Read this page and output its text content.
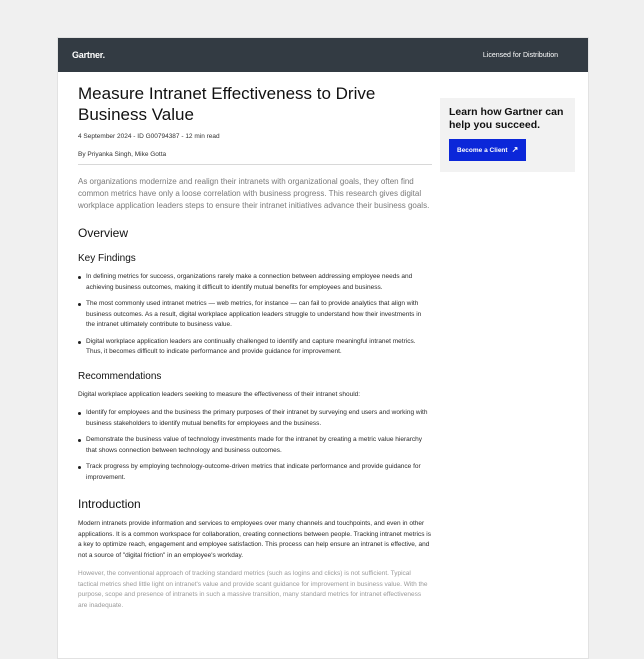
Gartner.	Licensed for Distribution
Measure Intranet Effectiveness to Drive Business Value
4 September 2024 - ID G00794387 - 12 min read
By Priyanka Singh, Mike Gotta
As organizations modernize and realign their intranets with organizational goals, they often find common metrics have only a loose correlation with business progress. This research gives digital workplace application leaders steps to ensure their intranet initiatives advance their business goals.
Overview
Key Findings
In defining metrics for success, organizations rarely make a connection between addressing employee needs and achieving business outcomes, making it difficult to identify mutual benefits for employees and business.
The most commonly used intranet metrics — web metrics, for instance — can fail to provide analytics that align with business outcomes. As a result, digital workplace application leaders struggle to understand how their investments in the intranet ultimately contribute to business value.
Digital workplace application leaders are continually challenged to identify and capture meaningful intranet metrics. Thus, it becomes difficult to indicate performance and provide guidance for improvement.
Recommendations
Digital workplace application leaders seeking to measure the effectiveness of their intranet should:
Identify for employees and the business the primary purposes of their intranet by surveying end users and working with business stakeholders to identify mutual benefits for employees and the business.
Demonstrate the business value of technology investments made for the intranet by creating a metric value hierarchy that shows connection between technology and business outcomes.
Track progress by employing technology-outcome-driven metrics that indicate performance and provide guidance for improvement.
Introduction
Modern intranets provide information and services to employees over many channels and touchpoints, and even in other applications. It is a common workspace for collaboration, creating connections between people. Tracking intranet metrics is a key to optimize reach, engagement and employee satisfaction. This process can help ensure an intranet is effective, and not a source of "digital friction" in an employee's workday.
However, the conventional approach of tracking standard metrics (such as logins and clicks) is not sufficient. Typical tactical metrics shed little light on intranet's value and provide scant guidance for improvement in business value. With the purpose, scope and presence of intranets in such a massive transition, many standard metrics for intranet effectiveness are inadequate.
Learn how Gartner can help you succeed.
Become a Client ↗
